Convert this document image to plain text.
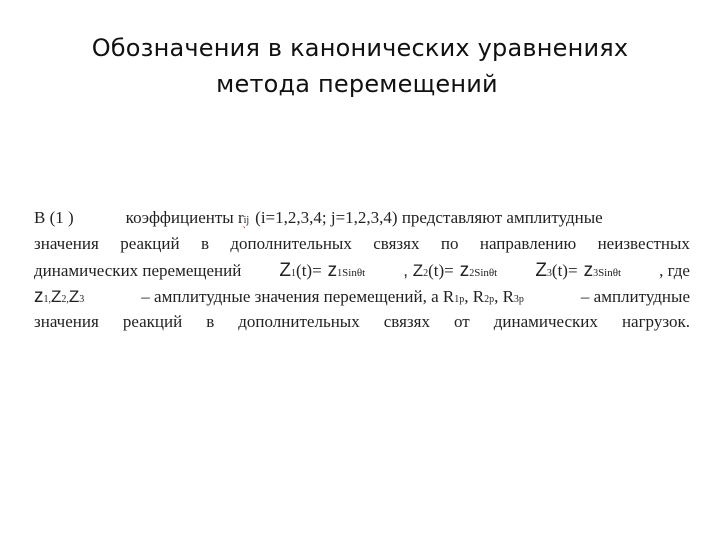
Обозначения в канонических уравнениях

метода перемещений
В (1 )	коэффициенты r ij (i=1,2,3,4; j=1,2,3,4) представляют амплитудные
значения реакций в дополнительных связях по направлению неизвестных
динамических перемещений Z 1 (t)= z 1 Sinθt , Z 2 (t)= z 2 Sinθt Z 3 (t)= z 3 Sinθt , где
z 1, Z 2, Z 3	– амплитудные значения перемещений, а R 1p , R 2p , R 3p	– амплитудные
значения реакций в дополнительных связях от динамических нагрузок.
